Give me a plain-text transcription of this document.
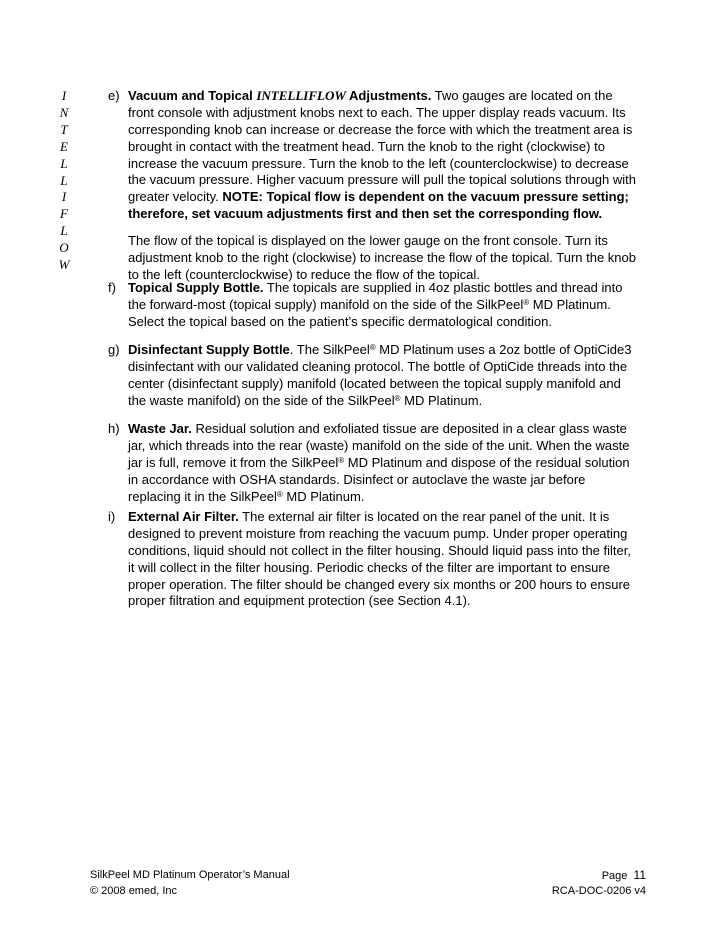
I
N
T
E
L
L
I
F
L
O
W
e) Vacuum and Topical INTELLIFLOW Adjustments. Two gauges are located on the
front console with adjustment knobs next to each. The upper display reads vacuum. Its
corresponding knob can increase or decrease the force with which the treatment area is
brought in contact with the treatment head. Turn the knob to the right (clockwise) to
increase the vacuum pressure. Turn the knob to the left (counterclockwise) to decrease
the vacuum pressure. Higher vacuum pressure will pull the topical solutions through with
greater velocity. NOTE: Topical flow is dependent on the vacuum pressure setting;
therefore, set vacuum adjustments first and then set the corresponding flow.
The flow of the topical is displayed on the lower gauge on the front console. Turn its
adjustment knob to the right (clockwise) to increase the flow of the topical. Turn the knob
to the left (counterclockwise) to reduce the flow of the topical.
f) Topical Supply Bottle. The topicals are supplied in 4oz plastic bottles and thread into
the forward-most (topical supply) manifold on the side of the SilkPeel® MD Platinum.
Select the topical based on the patient’s specific dermatological condition.
g) Disinfectant Supply Bottle. The SilkPeel® MD Platinum uses a 2oz bottle of OptiCide3
disinfectant with our validated cleaning protocol. The bottle of OptiCide threads into the
center (disinfectant supply) manifold (located between the topical supply manifold and
the waste manifold) on the side of the SilkPeel® MD Platinum.
h) Waste Jar. Residual solution and exfoliated tissue are deposited in a clear glass waste
jar, which threads into the rear (waste) manifold on the side of the unit. When the waste
jar is full, remove it from the SilkPeel® MD Platinum and dispose of the residual solution
in accordance with OSHA standards. Disinfect or autoclave the waste jar before
replacing it in the SilkPeel® MD Platinum.
i) External Air Filter. The external air filter is located on the rear panel of the unit. It is
designed to prevent moisture from reaching the vacuum pump. Under proper operating
conditions, liquid should not collect in the filter housing. Should liquid pass into the filter,
it will collect in the filter housing. Periodic checks of the filter are important to ensure
proper operation. The filter should be changed every six months or 200 hours to ensure
proper filtration and equipment protection (see Section 4.1).
SilkPeel MD Platinum Operator’s Manual	Page 11
© 2008 emed, Inc	RCA-DOC-0206 v4
